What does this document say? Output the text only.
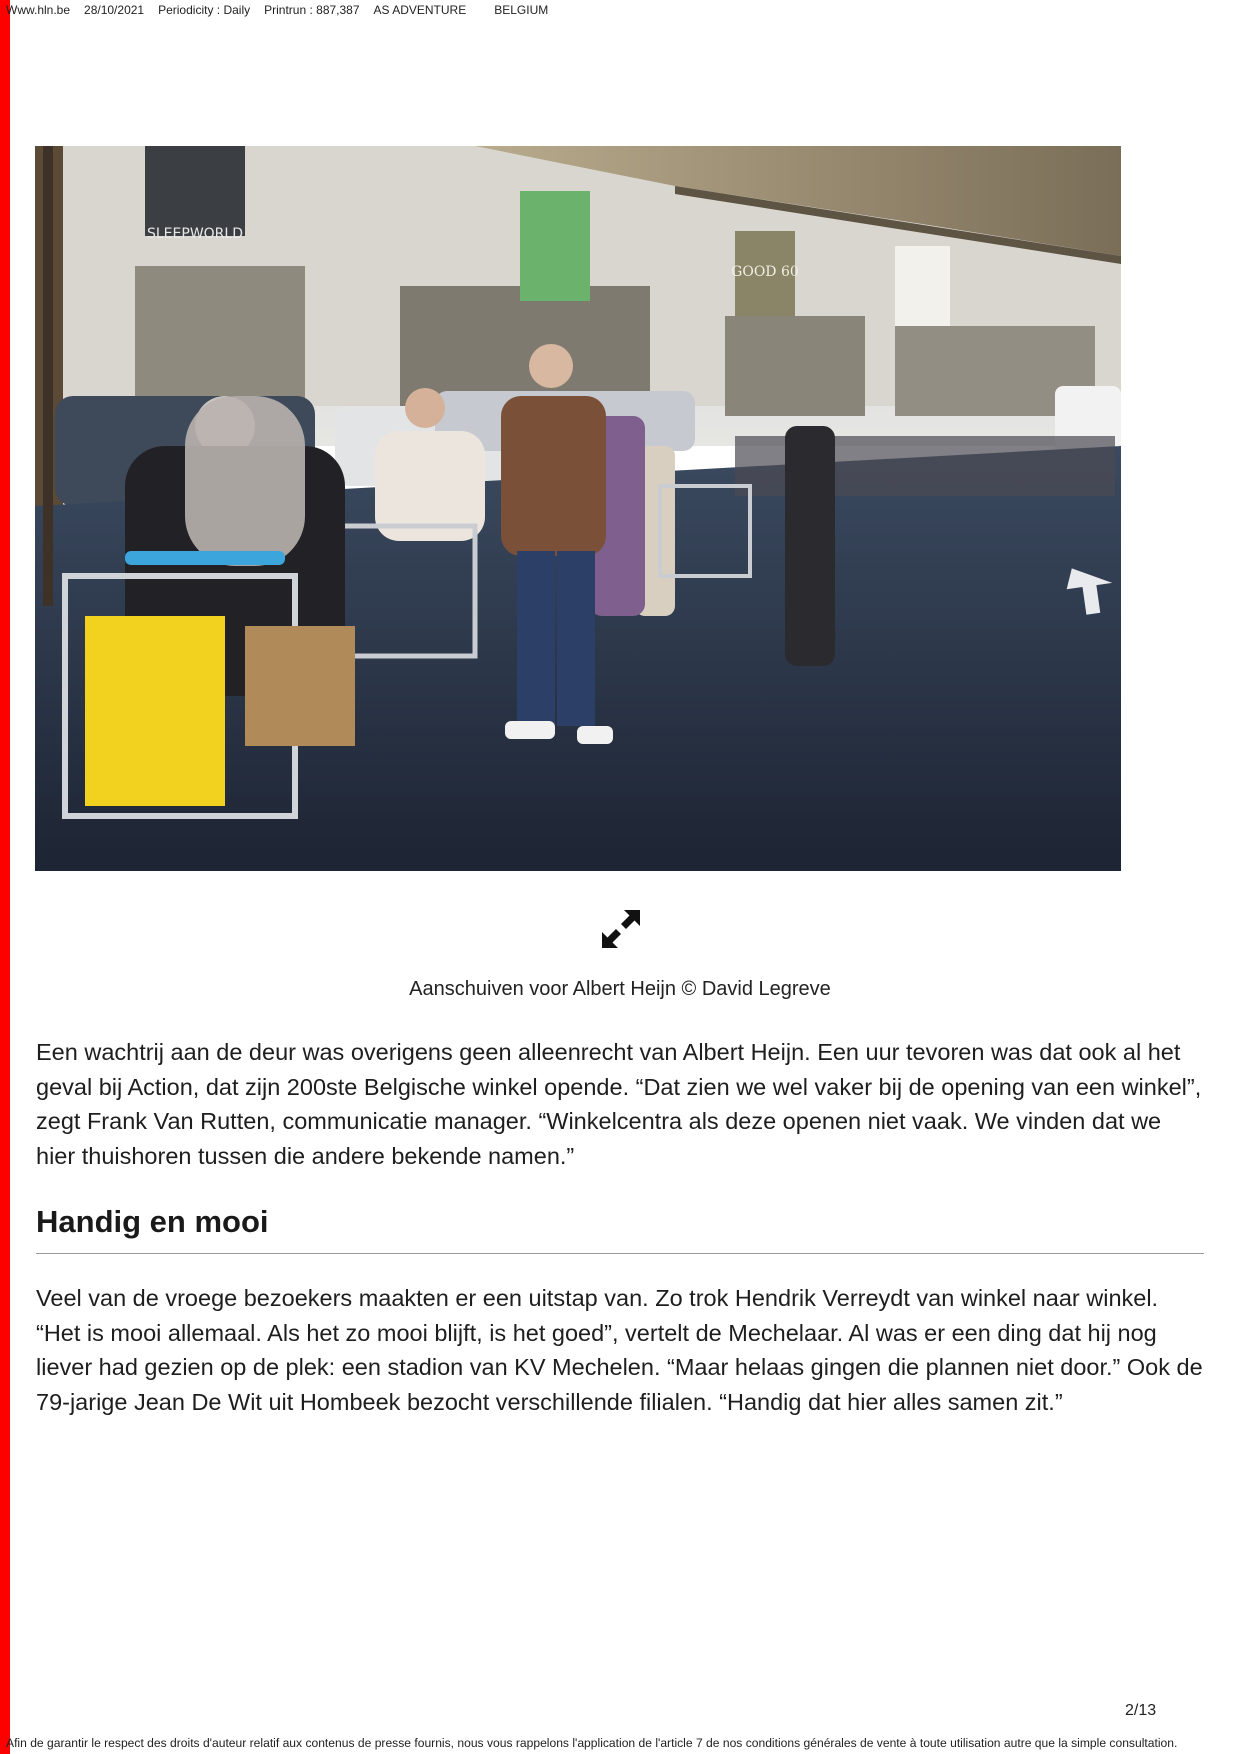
Www.hln.be 28/10/2021 Periodicity : Daily Printrun : 887,387 AS ADVENTURE BELGIUM
SLEEPWORLD
GOOD 60
Aanschuiven voor Albert Heijn © David Legreve

Een wachtrij aan de deur was overigens geen alleenrecht van Albert Heijn. Een uur tevoren was dat ook al het geval bij Action, dat zijn 200ste Belgische winkel opende. “Dat zien we wel vaker bij de opening van een winkel”, zegt Frank Van Rutten, communicatie manager. “Winkelcentra als deze openen niet vaak. We vinden dat we hier thuishoren tussen die andere bekende namen.”

Handig en mooi

Veel van de vroege bezoekers maakten er een uitstap van. Zo trok Hendrik Verreydt van winkel naar winkel. “Het is mooi allemaal. Als het zo mooi blijft, is het goed”, vertelt de Mechelaar. Al was er een ding dat hij nog liever had gezien op de plek: een stadion van KV Mechelen. “Maar helaas gingen die plannen niet door.” Ook de 79-jarige Jean De Wit uit Hombeek bezocht verschillende filialen. “Handig dat hier alles samen zit.”

2/13
Afin de garantir le respect des droits d'auteur relatif aux contenus de presse fournis, nous vous rappelons l'application de l'article 7 de nos conditions générales de vente à toute utilisation autre que la simple consultation.
